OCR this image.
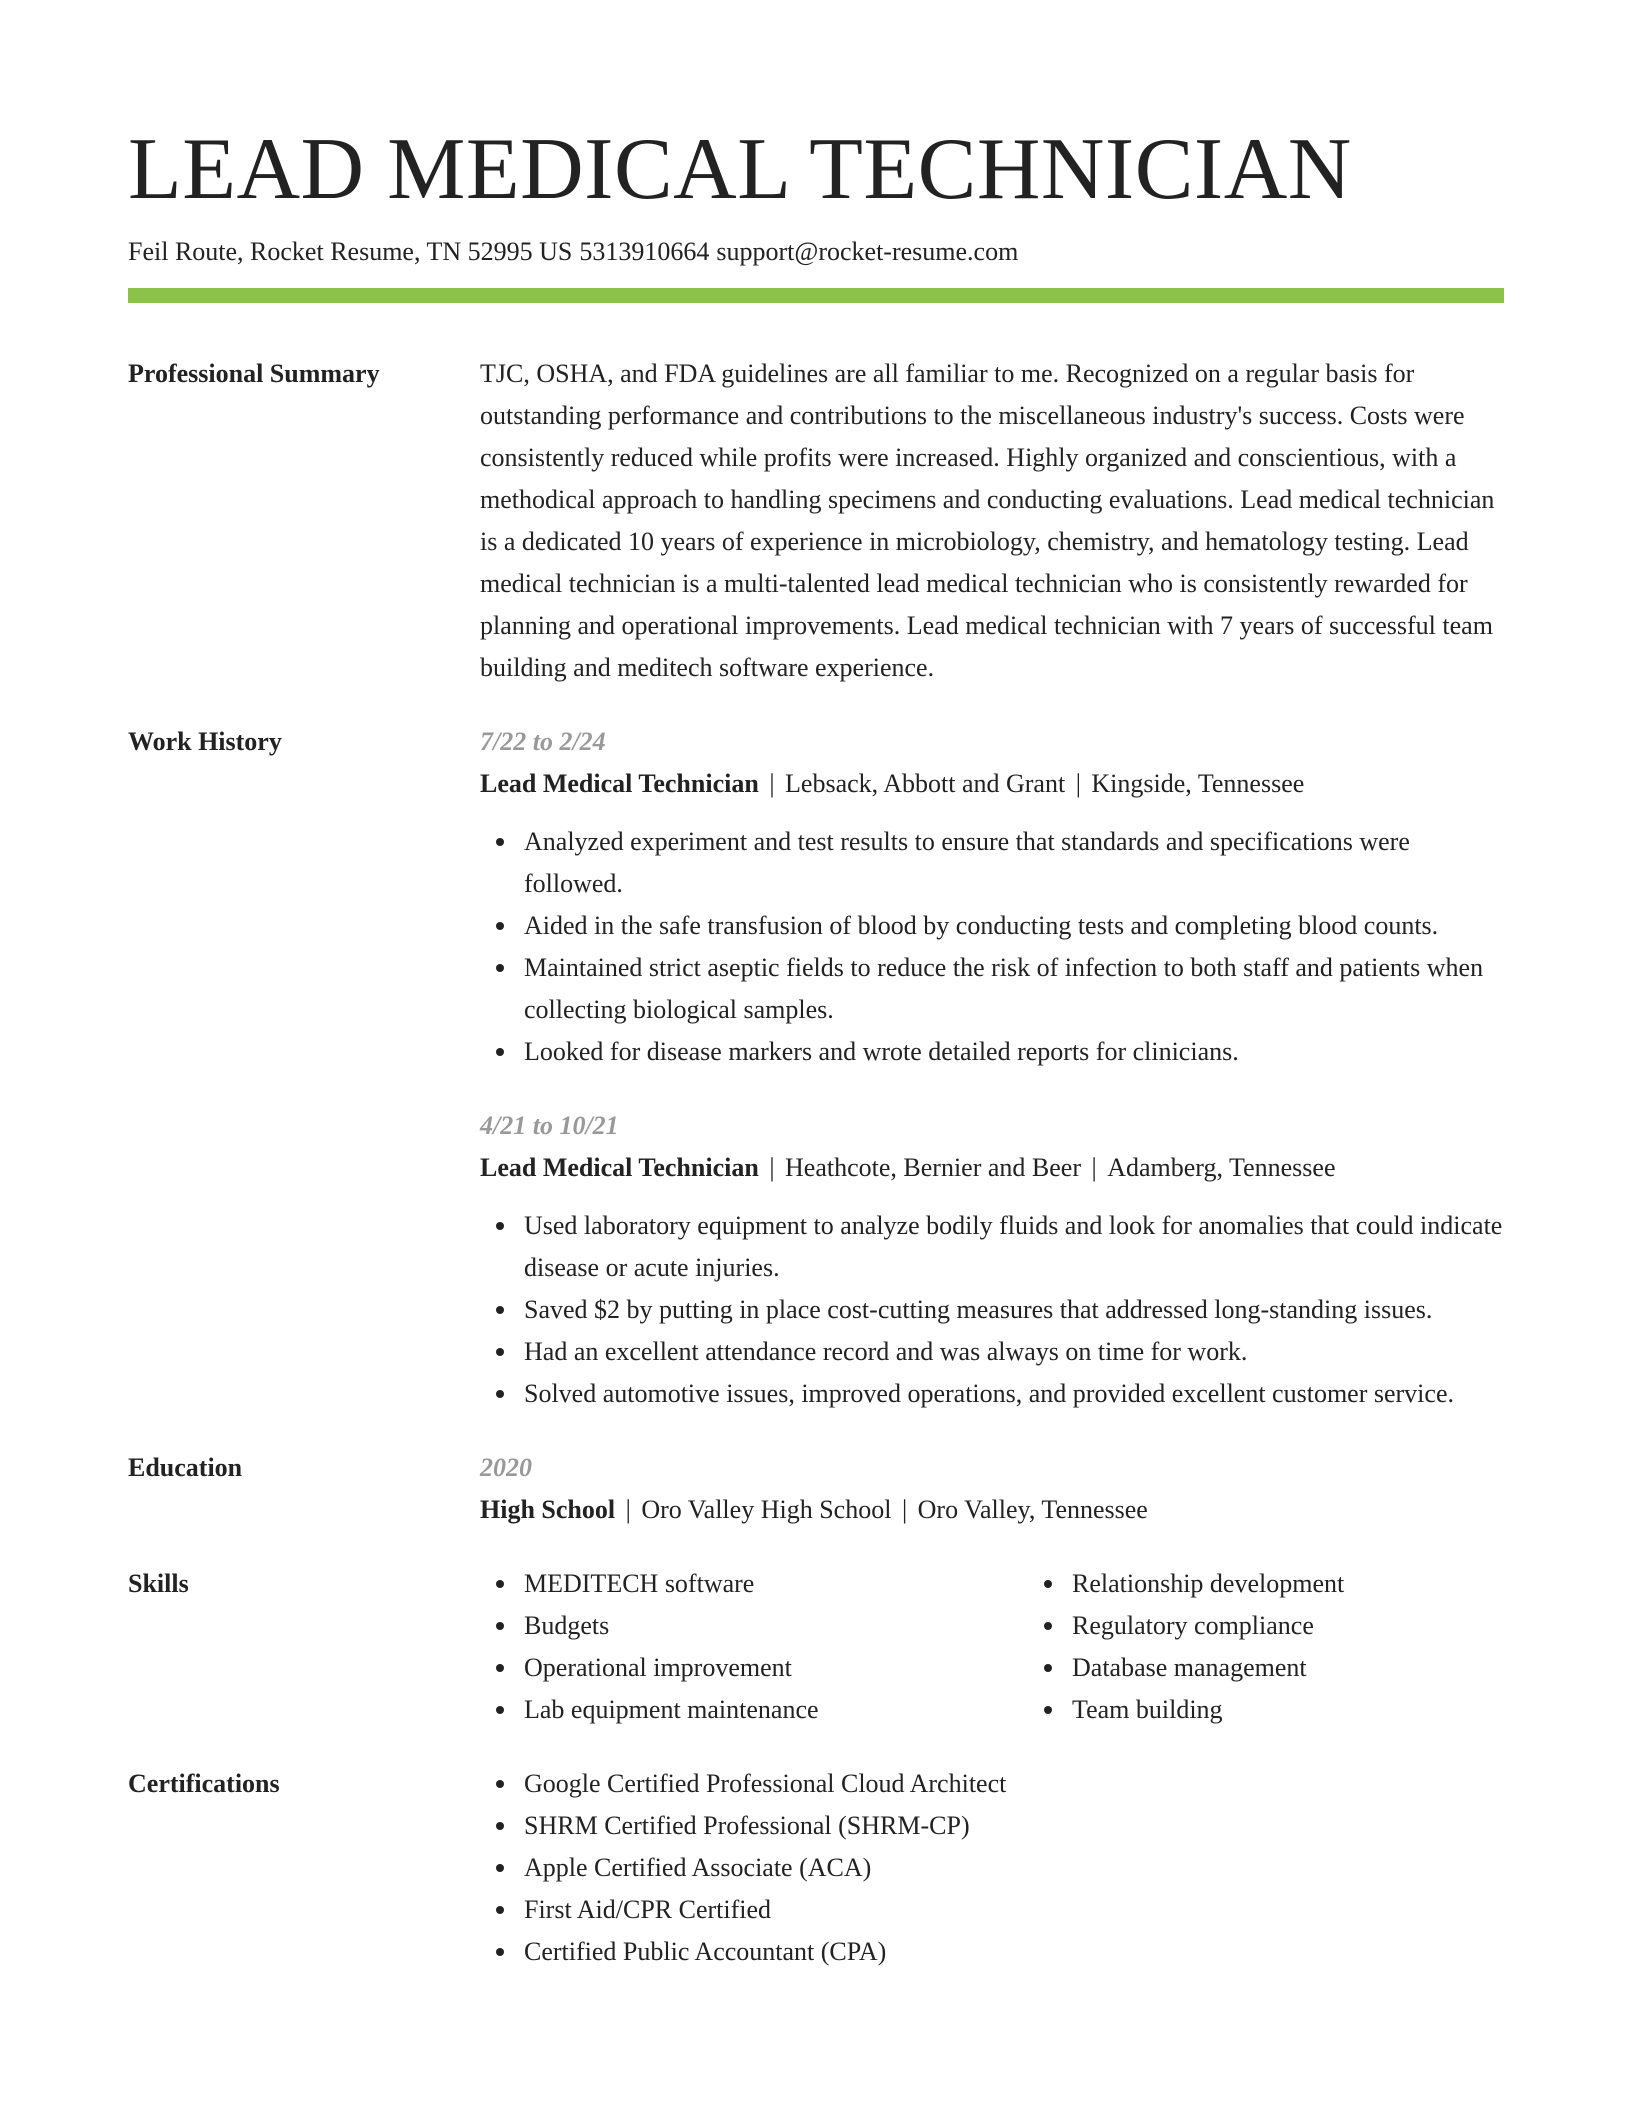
LEAD MEDICAL TECHNICIAN
Feil Route, Rocket Resume, TN 52995 US 5313910664 support@rocket-resume.com
Professional Summary	TJC, OSHA, and FDA guidelines are all familiar to me. Recognized on a regular basis for outstanding performance and contributions to the miscellaneous industry's success. Costs were consistently reduced while profits were increased. Highly organized and conscientious, with a methodical approach to handling specimens and conducting evaluations. Lead medical technician is a dedicated 10 years of experience in microbiology, chemistry, and hematology testing. Lead medical technician is a multi-talented lead medical technician who is consistently rewarded for planning and operational improvements. Lead medical technician with 7 years of successful team building and meditech software experience.

Work History	7/22 to 2/24
Lead Medical Technician | Lebsack, Abbott and Grant | Kingside, Tennessee
Analyzed experiment and test results to ensure that standards and specifications were followed.
Aided in the safe transfusion of blood by conducting tests and completing blood counts.
Maintained strict aseptic fields to reduce the risk of infection to both staff and patients when collecting biological samples.
Looked for disease markers and wrote detailed reports for clinicians.
4/21 to 10/21
Lead Medical Technician | Heathcote, Bernier and Beer | Adamberg, Tennessee
Used laboratory equipment to analyze bodily fluids and look for anomalies that could indicate disease or acute injuries.
Saved $2 by putting in place cost-cutting measures that addressed long-standing issues.
Had an excellent attendance record and was always on time for work.
Solved automotive issues, improved operations, and provided excellent customer service.
Education	2020
High School | Oro Valley High School | Oro Valley, Tennessee
Skills	MEDITECH software
Budgets
Operational improvement
Lab equipment maintenance
Relationship development
Regulatory compliance
Database management
Team building
Certifications	Google Certified Professional Cloud Architect
SHRM Certified Professional (SHRM-CP)
Apple Certified Associate (ACA)
First Aid/CPR Certified
Certified Public Accountant (CPA)
